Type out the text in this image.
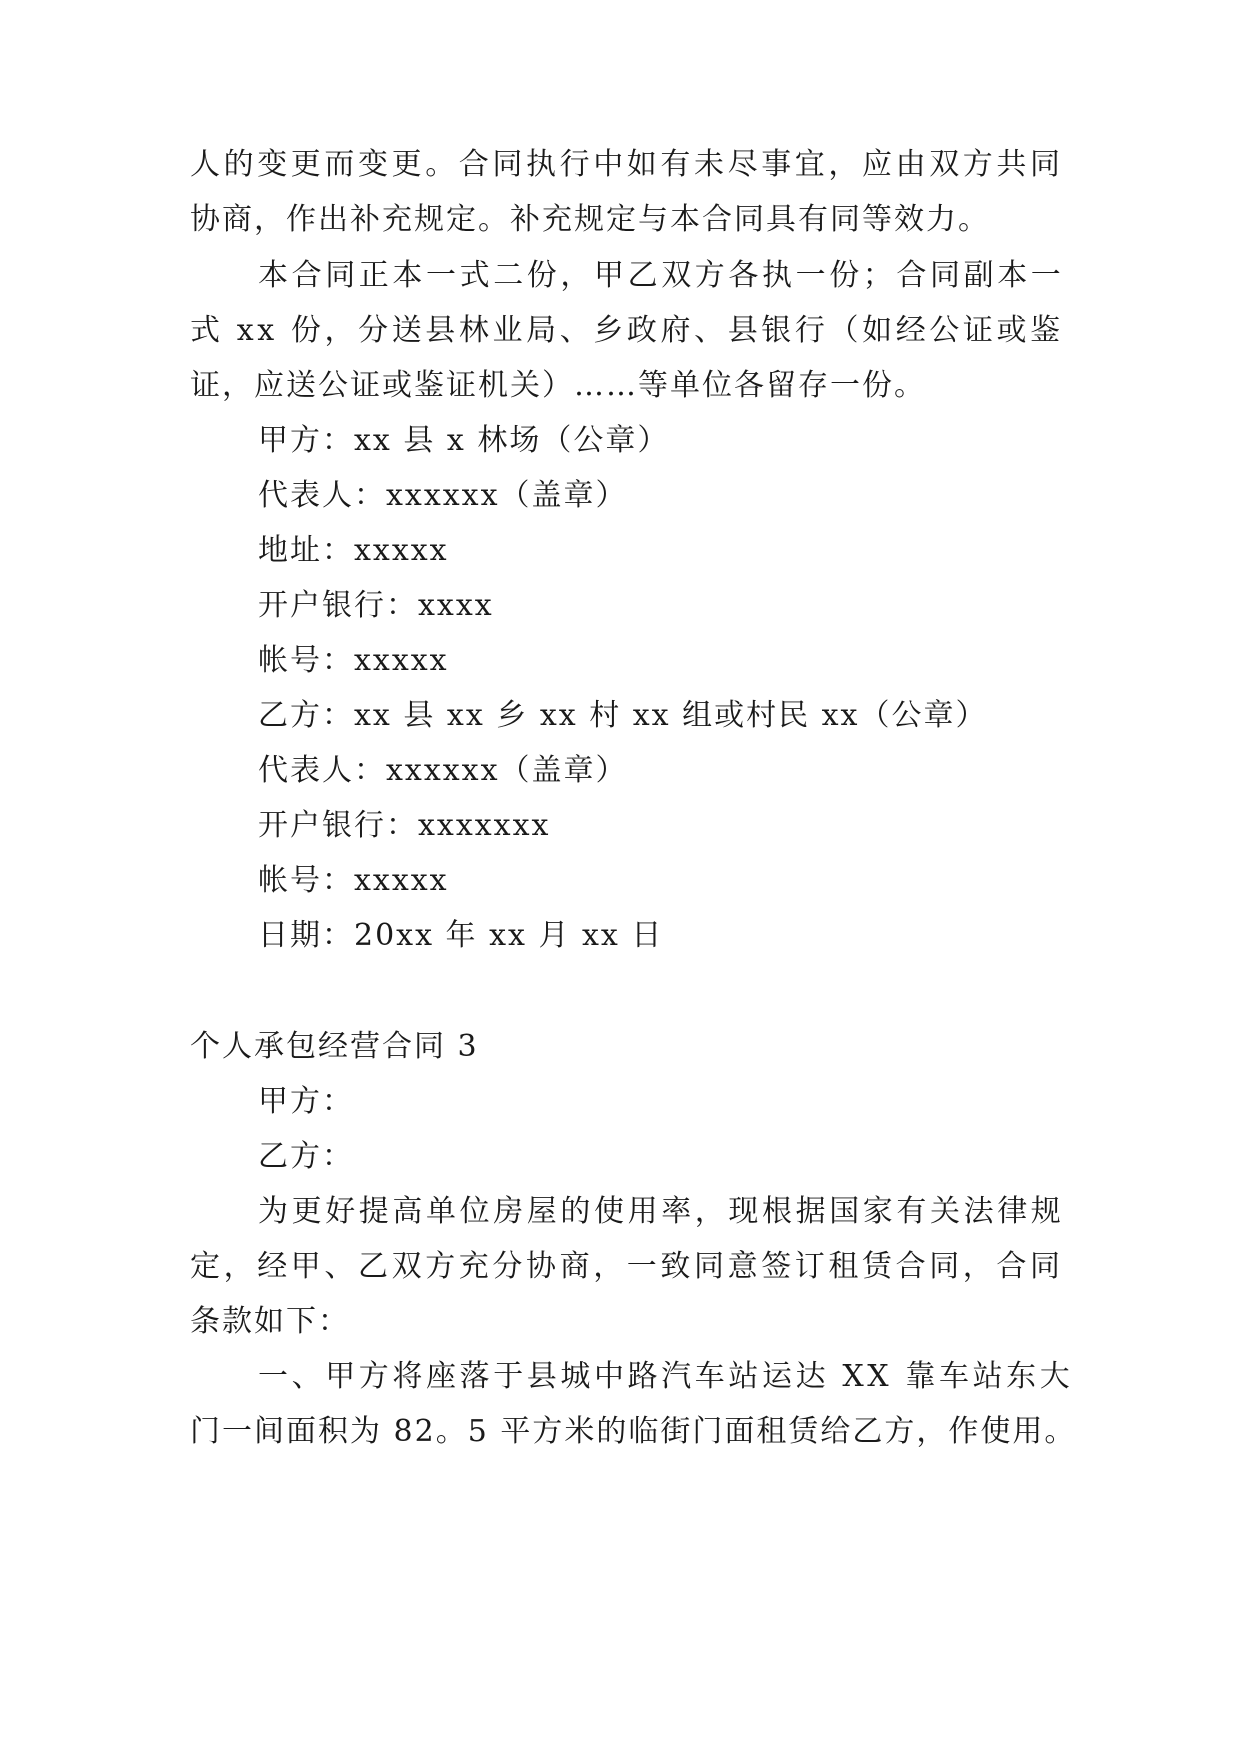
人的变更而变更。合同执行中如有未尽事宜，应由双方共同

协商，作出补充规定。补充规定与本合同具有同等效力。

本合同正本一式二份，甲乙双方各执一份；合同副本一

式 xx 份，分送县林业局、乡政府、县银行（如经公证或鉴

证，应送公证或鉴证机关）……等单位各留存一份。

甲方：xx 县 x 林场（公章）

代表人：xxxxxx（盖章）

地址：xxxxx

开户银行：xxxx

帐号：xxxxx

乙方：xx 县 xx 乡 xx 村 xx 组或村民 xx（公章）

代表人：xxxxxx（盖章）

开户银行：xxxxxxx

帐号：xxxxx

日期：20xx 年 xx 月 xx 日

个人承包经营合同 3

甲方：

乙方：

为更好提高单位房屋的使用率，现根据国家有关法律规

定，经甲、乙双方充分协商，一致同意签订租赁合同，合同

条款如下：

一、甲方将座落于县城中路汽车站运达 XX 靠车站东大

门一间面积为 82。5 平方米的临街门面租赁给乙方，作使用。
